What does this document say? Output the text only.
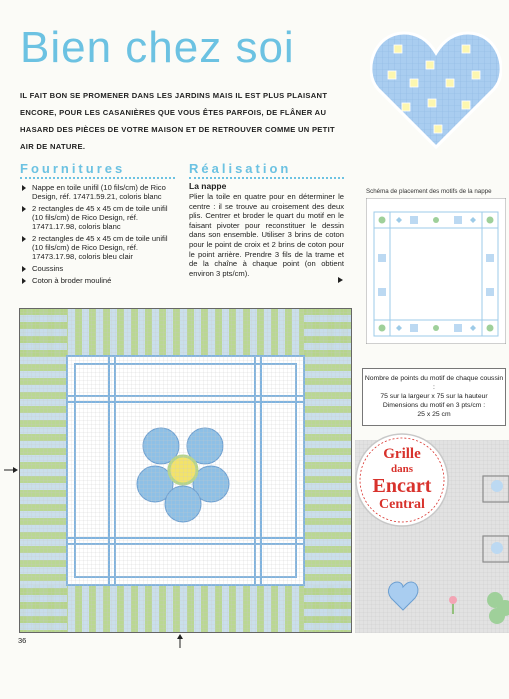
Bien chez soi
IL FAIT BON SE PROMENER DANS LES JARDINS MAIS IL EST PLUS PLAISANT ENCORE, POUR LES CASANIÈRES QUE VOUS ÊTES PARFOIS, DE FLÂNER AU HASARD DES PIÈCES DE VOTRE MAISON ET DE RETROUVER COMME UN PETIT AIR DE NATURE.
Fournitures
Nappe en toile unifil (10 fils/cm) de Rico Design, réf. 17471.59.21, coloris blanc
2 rectangles de 45 x 45 cm de toile unifil (10 fils/cm) de Rico Design, réf. 17471.17.98, coloris blanc
2 rectangles de 45 x 45 cm de toile unifil (10 fils/cm) de Rico Design, réf. 17473.17.98, coloris bleu clair
Coussins
Coton à broder mouliné
Réalisation
La nappe
Plier la toile en quatre pour en déterminer le centre : il se trouve au croisement des deux plis. Centrer et broder le quart du motif en le faisant pivoter pour reconstituer le dessin dans son ensemble. Utiliser 3 brins de coton pour le point de croix et 2 brins de coton pour le point arrière. Prendre 3 fils de la trame et de la chaîne à chaque point (on obtient environ 3 pts/cm).
Schéma de placement des motifs de la nappe
Nombre de points du motif de chaque coussin :
75 sur la largeur x 75 sur la hauteur
Dimensions du motif en 3 pts/cm :
25 x 25 cm
Grille
dans
Encart
Central
36
